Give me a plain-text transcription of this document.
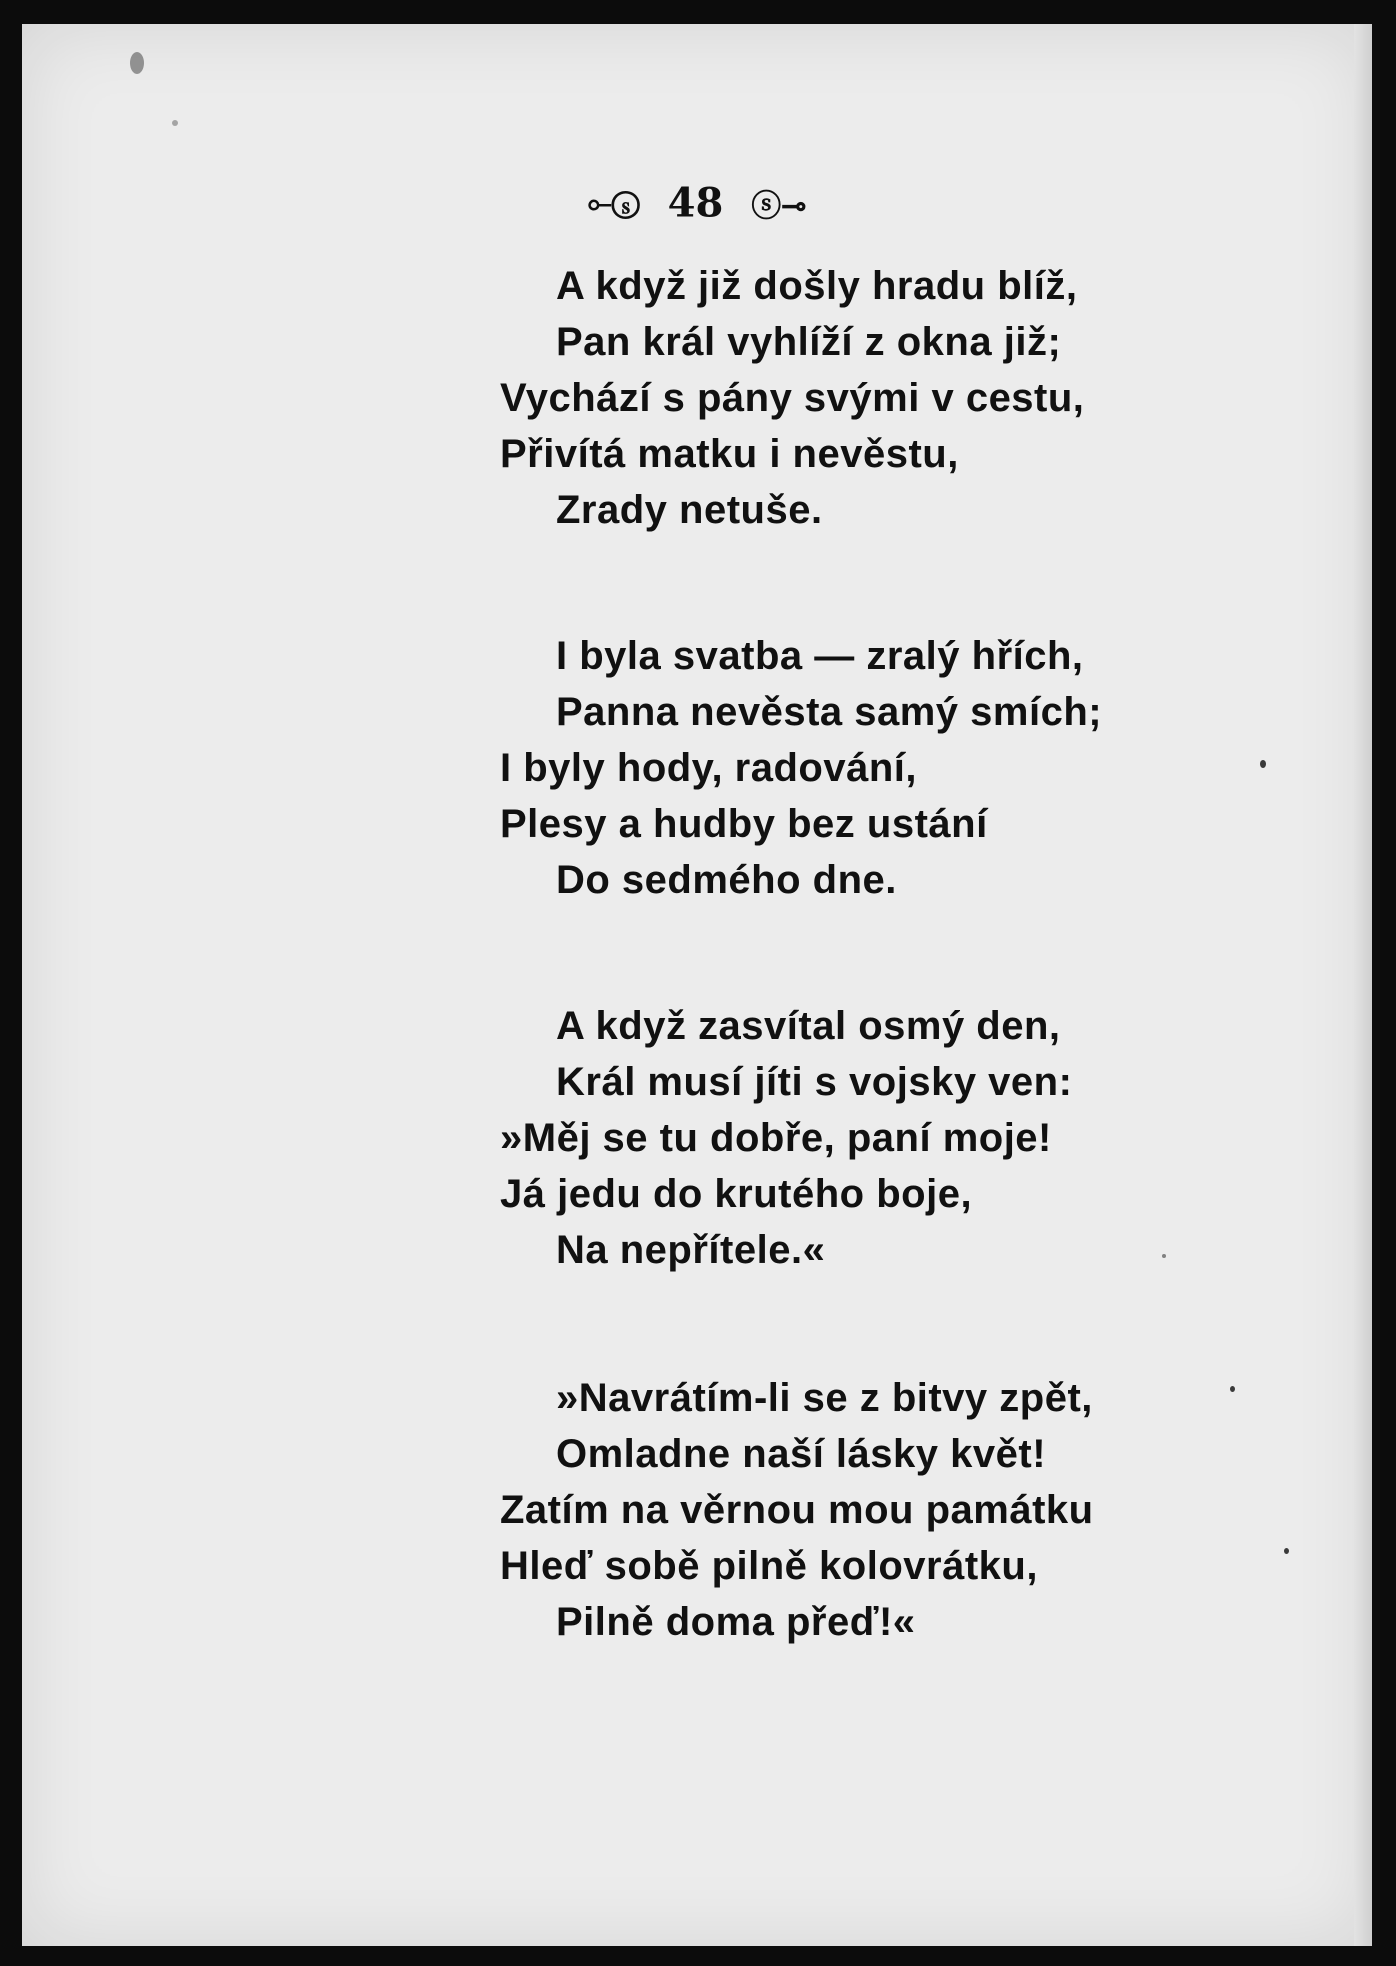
⟜ⓢ 48 ⓢ⊸
A když již došly hradu blíž,
Pan král vyhlíží z okna již;
Vychází s pány svými v cestu,
Přivítá matku i nevěstu,
Zrady netuše.
I byla svatba — zralý hřích,
Panna nevěsta samý smích;
I byly hody, radování,
Plesy a hudby bez ustání
Do sedmého dne.
A když zasvítal osmý den,
Král musí jíti s vojsky ven:
»Měj se tu dobře, paní moje!
Já jedu do krutého boje,
Na nepřítele.«
»Navrátím-li se z bitvy zpět,
Omladne naší lásky květ!
Zatím na věrnou mou památku
Hleď sobě pilně kolovrátku,
Pilně doma přeď!«
